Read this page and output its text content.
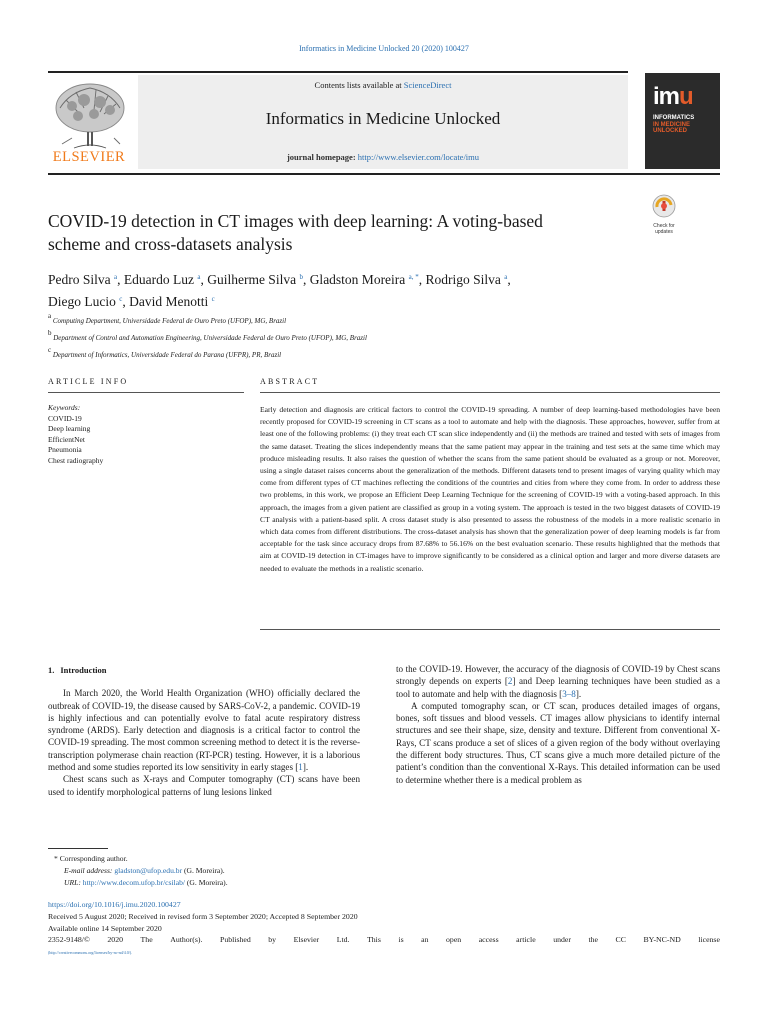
Informatics in Medicine Unlocked 20 (2020) 100427
Contents lists available at ScienceDirect
Informatics in Medicine Unlocked
journal homepage: http://www.elsevier.com/locate/imu
ELSEVIER
imu
INFORMATICS
IN MEDICINE
UNLOCKED
COVID-19 detection in CT images with deep learning: A voting-based
scheme and cross-datasets analysis
Check for
updates
Pedro Silva $^a$, Eduardo Luz $^a$, Guilherme Silva $^b$, Gladston Moreira $^{a, *}$, Rodrigo Silva $^a$,
Diego Lucio $^c$, David Menotti $^c$
$^a$ Computing Department, Universidade Federal de Ouro Preto (UFOP), MG, Brazil
$^b$ Department of Control and Automation Engineering, Universidade Federal de Ouro Preto (UFOP), MG, Brazil
$^c$ Department of Informatics, Universidade Federal do Parana (UFPR), PR, Brazil
ARTICLE INFO
Keywords:
COVID-19
Deep learning
EfficientNet
Pneumonia
Chest radiography
ABSTRACT
Early detection and diagnosis are critical factors to control the COVID-19 spreading. A number of deep learning-based methodologies have been recently proposed for COVID-19 screening in CT scans as a tool to automate and help with the diagnosis. These approaches, however, suffer from at least one of the following problems: (i) they treat each CT scan slice independently and (ii) the methods are trained and tested with sets of images from the same dataset. Treating the slices independently means that the same patient may appear in the training and test sets at the same time which may produce misleading results. It also raises the question of whether the scans from the same patient should be evaluated as a group or not. Moreover, using a single dataset raises concerns about the generalization of the methods. Different datasets tend to present images of varying quality which may come from different types of CT machines reflecting the conditions of the countries and cities from where they come from. In order to address these two problems, in this work, we propose an Efficient Deep Learning Technique for the screening of COVID-19 with a voting-based approach. In this approach, the images from a given patient are classified as group in a voting system. The approach is tested in the two biggest datasets of COVID-19 CT analysis with a patient-based split. A cross dataset study is also presented to assess the robustness of the models in a more realistic scenario in which data comes from different distributions. The cross-dataset analysis has shown that the generalization power of deep learning models is far from acceptable for the task since accuracy drops from 87.68% to 56.16% on the best evaluation scenario. These results highlighted that the methods that aim at COVID-19 detection in CT-images have to improve significantly to be considered as a clinical option and larger and more diverse datasets are needed to evaluate the methods in a realistic scenario.
1. Introduction

In March 2020, the World Health Organization (WHO) officially declared the outbreak of COVID-19, the disease caused by SARS-CoV-2, a pandemic. COVID-19 is highly infectious and can potentially evolve to fatal acute respiratory distress syndrome (ARDS). Early detection and diagnosis is a critical factor to control the COVID-19 spreading. The most common screening method to detect it is the reverse-transcription polymerase chain reaction (RT-PCR) testing. However, it is a laborious method and some studies reported its low sensitivity in early stages [1].

Chest scans such as X-rays and Computer tomography (CT) scans have been used to identify morphological patterns of lung lesions linked

to the COVID-19. However, the accuracy of the diagnosis of COVID-19 by Chest scans strongly depends on experts [2] and Deep learning techniques have been studied as a tool to automate and help with the diagnosis [3–8].

A computed tomography scan, or CT scan, produces detailed images of organs, bones, soft tissues and blood vessels. CT images allow physicians to identify internal structures and see their shape, size, density and texture. Different from conventional X-Rays, CT scans produce a set of slices of a given region of the body without overlaying the different body structures. Thus, CT scans give a much more detailed picture of the patient’s condition than the conventional X-Rays. This detailed information can be used to determine whether there is a medical problem as

* Corresponding author.
E-mail address: gladston@ufop.edu.br (G. Moreira).
URL: http://www.decom.ufop.br/csilab/ (G. Moreira).
https://doi.org/10.1016/j.imu.2020.100427
Received 5 August 2020; Received in revised form 3 September 2020; Accepted 8 September 2020
Available online 14 September 2020
2352-9148/© 2020 The Author(s). Published by Elsevier Ltd. This is an open access article under the CC BY-NC-ND license
(http://creativecommons.org/licenses/by-nc-nd/4.0/).
